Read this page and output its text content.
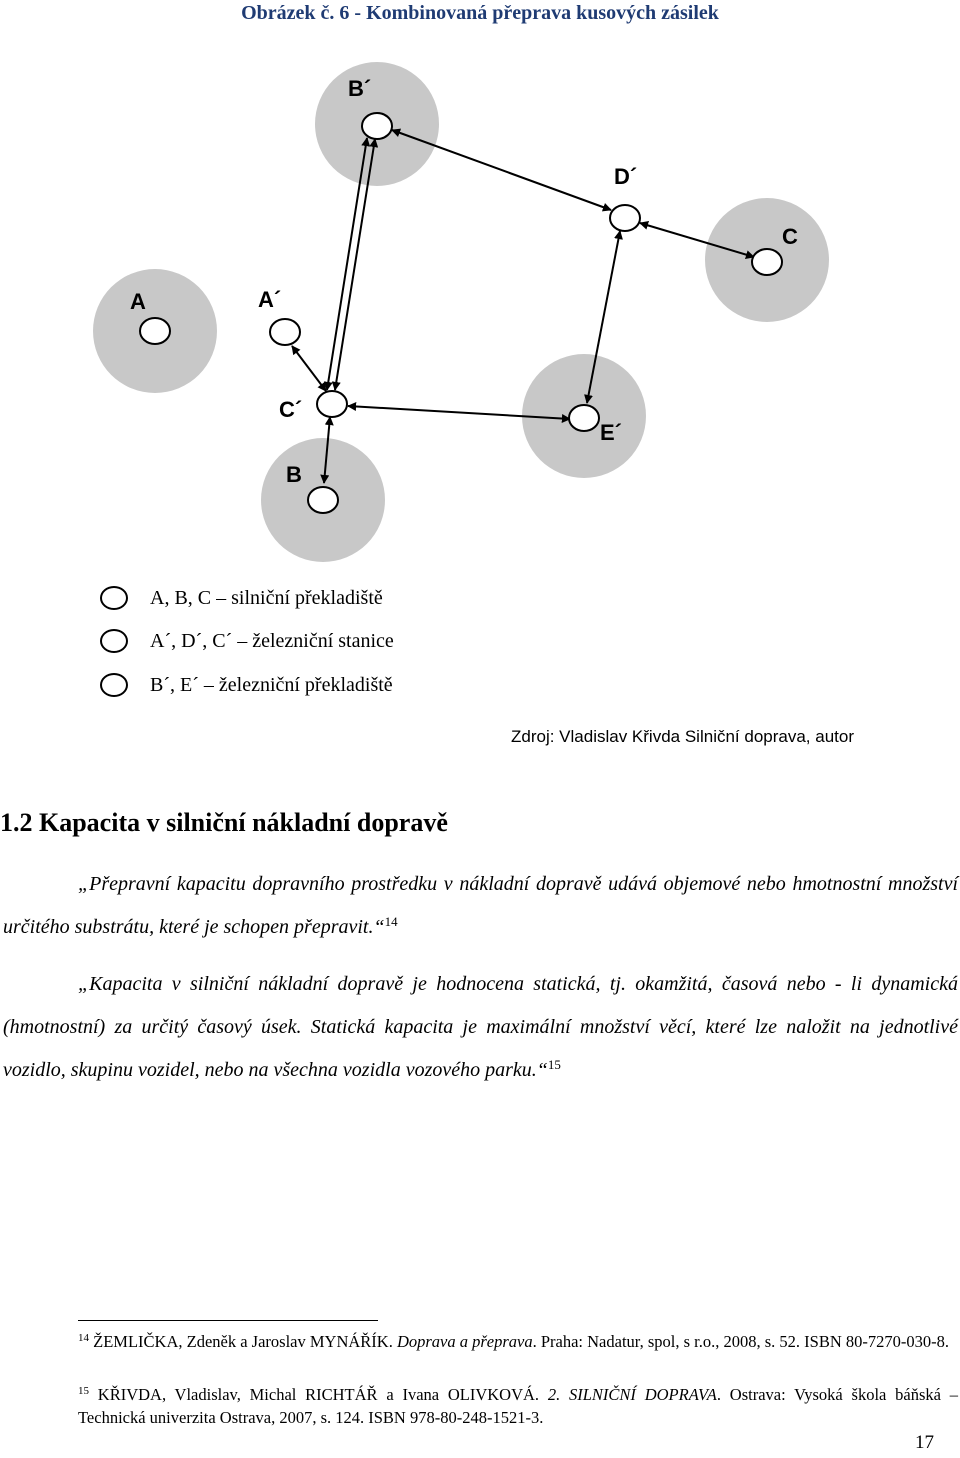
Obrázek č. 6 - Kombinovaná přeprava kusových zásilek
B´
D´
C
A	A´
C´
E´
B
A, B, C – silniční překladiště
A´, D´, C´ – železniční stanice
B´, E´ – železniční překladiště
Zdroj: Vladislav Křivda Silniční doprava, autor
1.2 Kapacita v silniční nákladní dopravě
„Přepravní kapacitu dopravního prostředku v nákladní dopravě udává objemové nebo hmotnostní množství určitého substrátu, které je schopen přepravit.“$^{14}$
„Kapacita v silniční nákladní dopravě je hodnocena statická, tj. okamžitá, časová nebo - li dynamická (hmotnostní) za určitý časový úsek. Statická kapacita je maximální množství věcí, které lze naložit na jednotlivé vozidlo, skupinu vozidel, nebo na všechna vozidla vozového parku.“$^{15}$
$^{14}$ ŽEMLIČKA, Zdeněk a Jaroslav MYNÁŘÍK. Doprava a přeprava. Praha: Nadatur, spol, s r.o., 2008, s. 52. ISBN 80-7270-030-8.
$^{15}$ KŘIVDA, Vladislav, Michal RICHTÁŘ a Ivana OLIVKOVÁ. 2. SILNIČNÍ DOPRAVA. Ostrava: Vysoká škola báňská – Technická univerzita Ostrava, 2007, s. 124. ISBN 978-80-248-1521-3.
17
